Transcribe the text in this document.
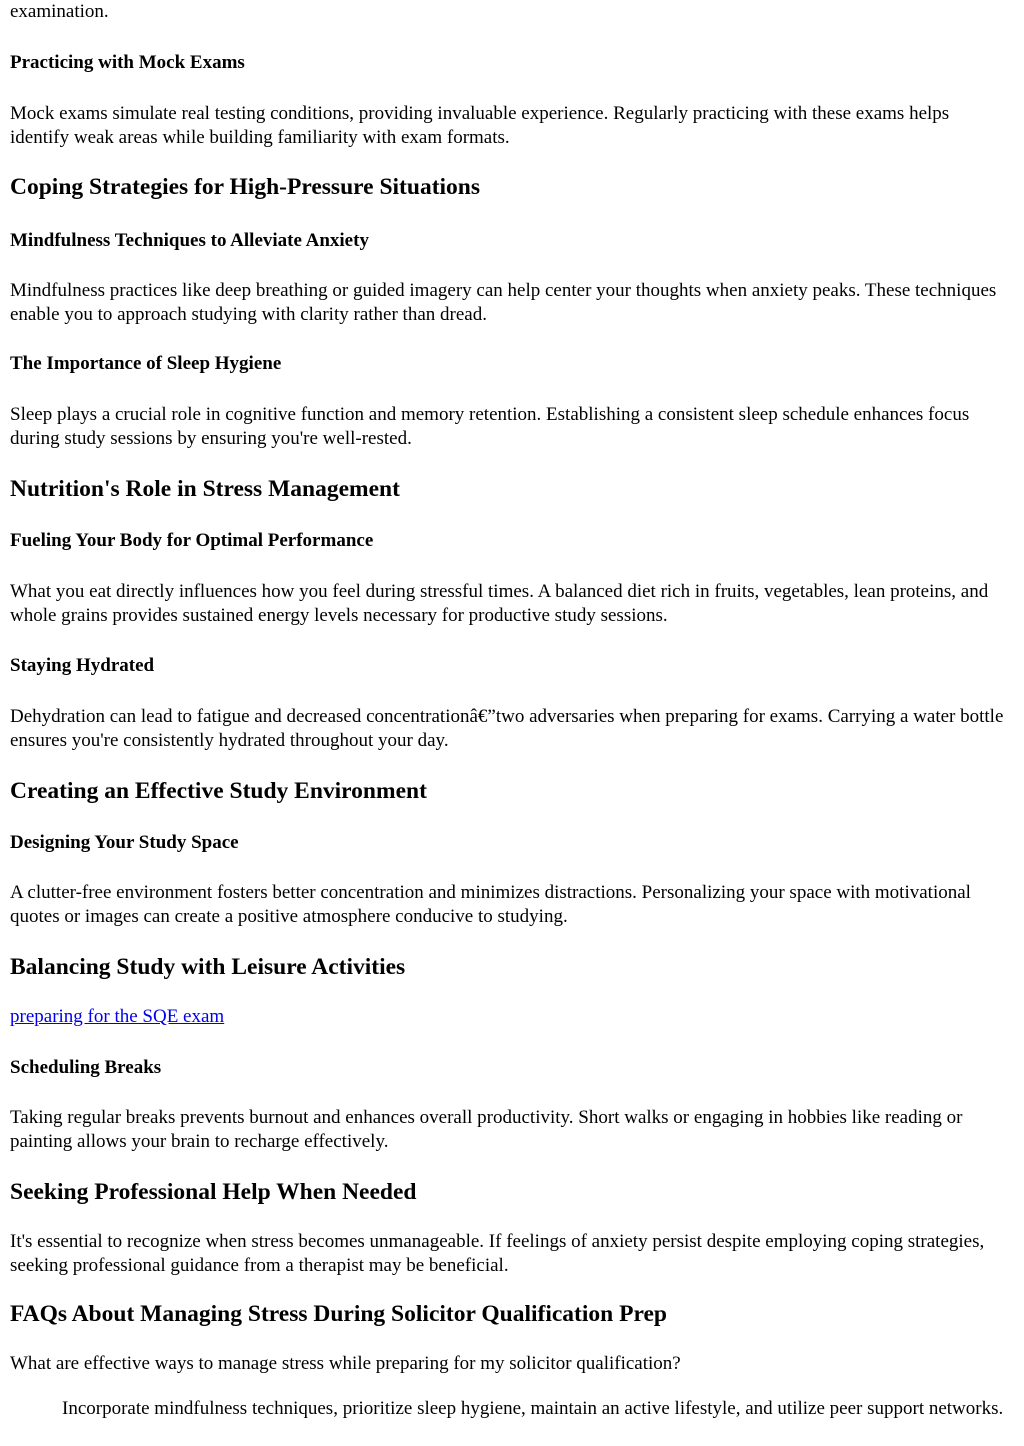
examination.

Practicing with Mock Exams

Mock exams simulate real testing conditions, providing invaluable experience. Regularly practicing with these exams helps identify weak areas while building familiarity with exam formats.

Coping Strategies for High-Pressure Situations
Mindfulness Techniques to Alleviate Anxiety

Mindfulness practices like deep breathing or guided imagery can help center your thoughts when anxiety peaks. These techniques enable you to approach studying with clarity rather than dread.

The Importance of Sleep Hygiene

Sleep plays a crucial role in cognitive function and memory retention. Establishing a consistent sleep schedule enhances focus during study sessions by ensuring you're well-rested.

Nutrition's Role in Stress Management
Fueling Your Body for Optimal Performance

What you eat directly influences how you feel during stressful times. A balanced diet rich in fruits, vegetables, lean proteins, and whole grains provides sustained energy levels necessary for productive study sessions.

Staying Hydrated

Dehydration can lead to fatigue and decreased concentrationâ€”two adversaries when preparing for exams. Carrying a water bottle ensures you're consistently hydrated throughout your day.

Creating an Effective Study Environment
Designing Your Study Space

A clutter-free environment fosters better concentration and minimizes distractions. Personalizing your space with motivational quotes or images can create a positive atmosphere conducive to studying.

Balancing Study with Leisure Activities
preparing for the SQE exam
Scheduling Breaks

Taking regular breaks prevents burnout and enhances overall productivity. Short walks or engaging in hobbies like reading or painting allows your brain to recharge effectively.

Seeking Professional Help When Needed

It's essential to recognize when stress becomes unmanageable. If feelings of anxiety persist despite employing coping strategies, seeking professional guidance from a therapist may be beneficial.

FAQs About Managing Stress During Solicitor Qualification Prep
What are effective ways to manage stress while preparing for my solicitor qualification?
Incorporate mindfulness techniques, prioritize sleep hygiene, maintain an active lifestyle, and utilize peer support networks.
